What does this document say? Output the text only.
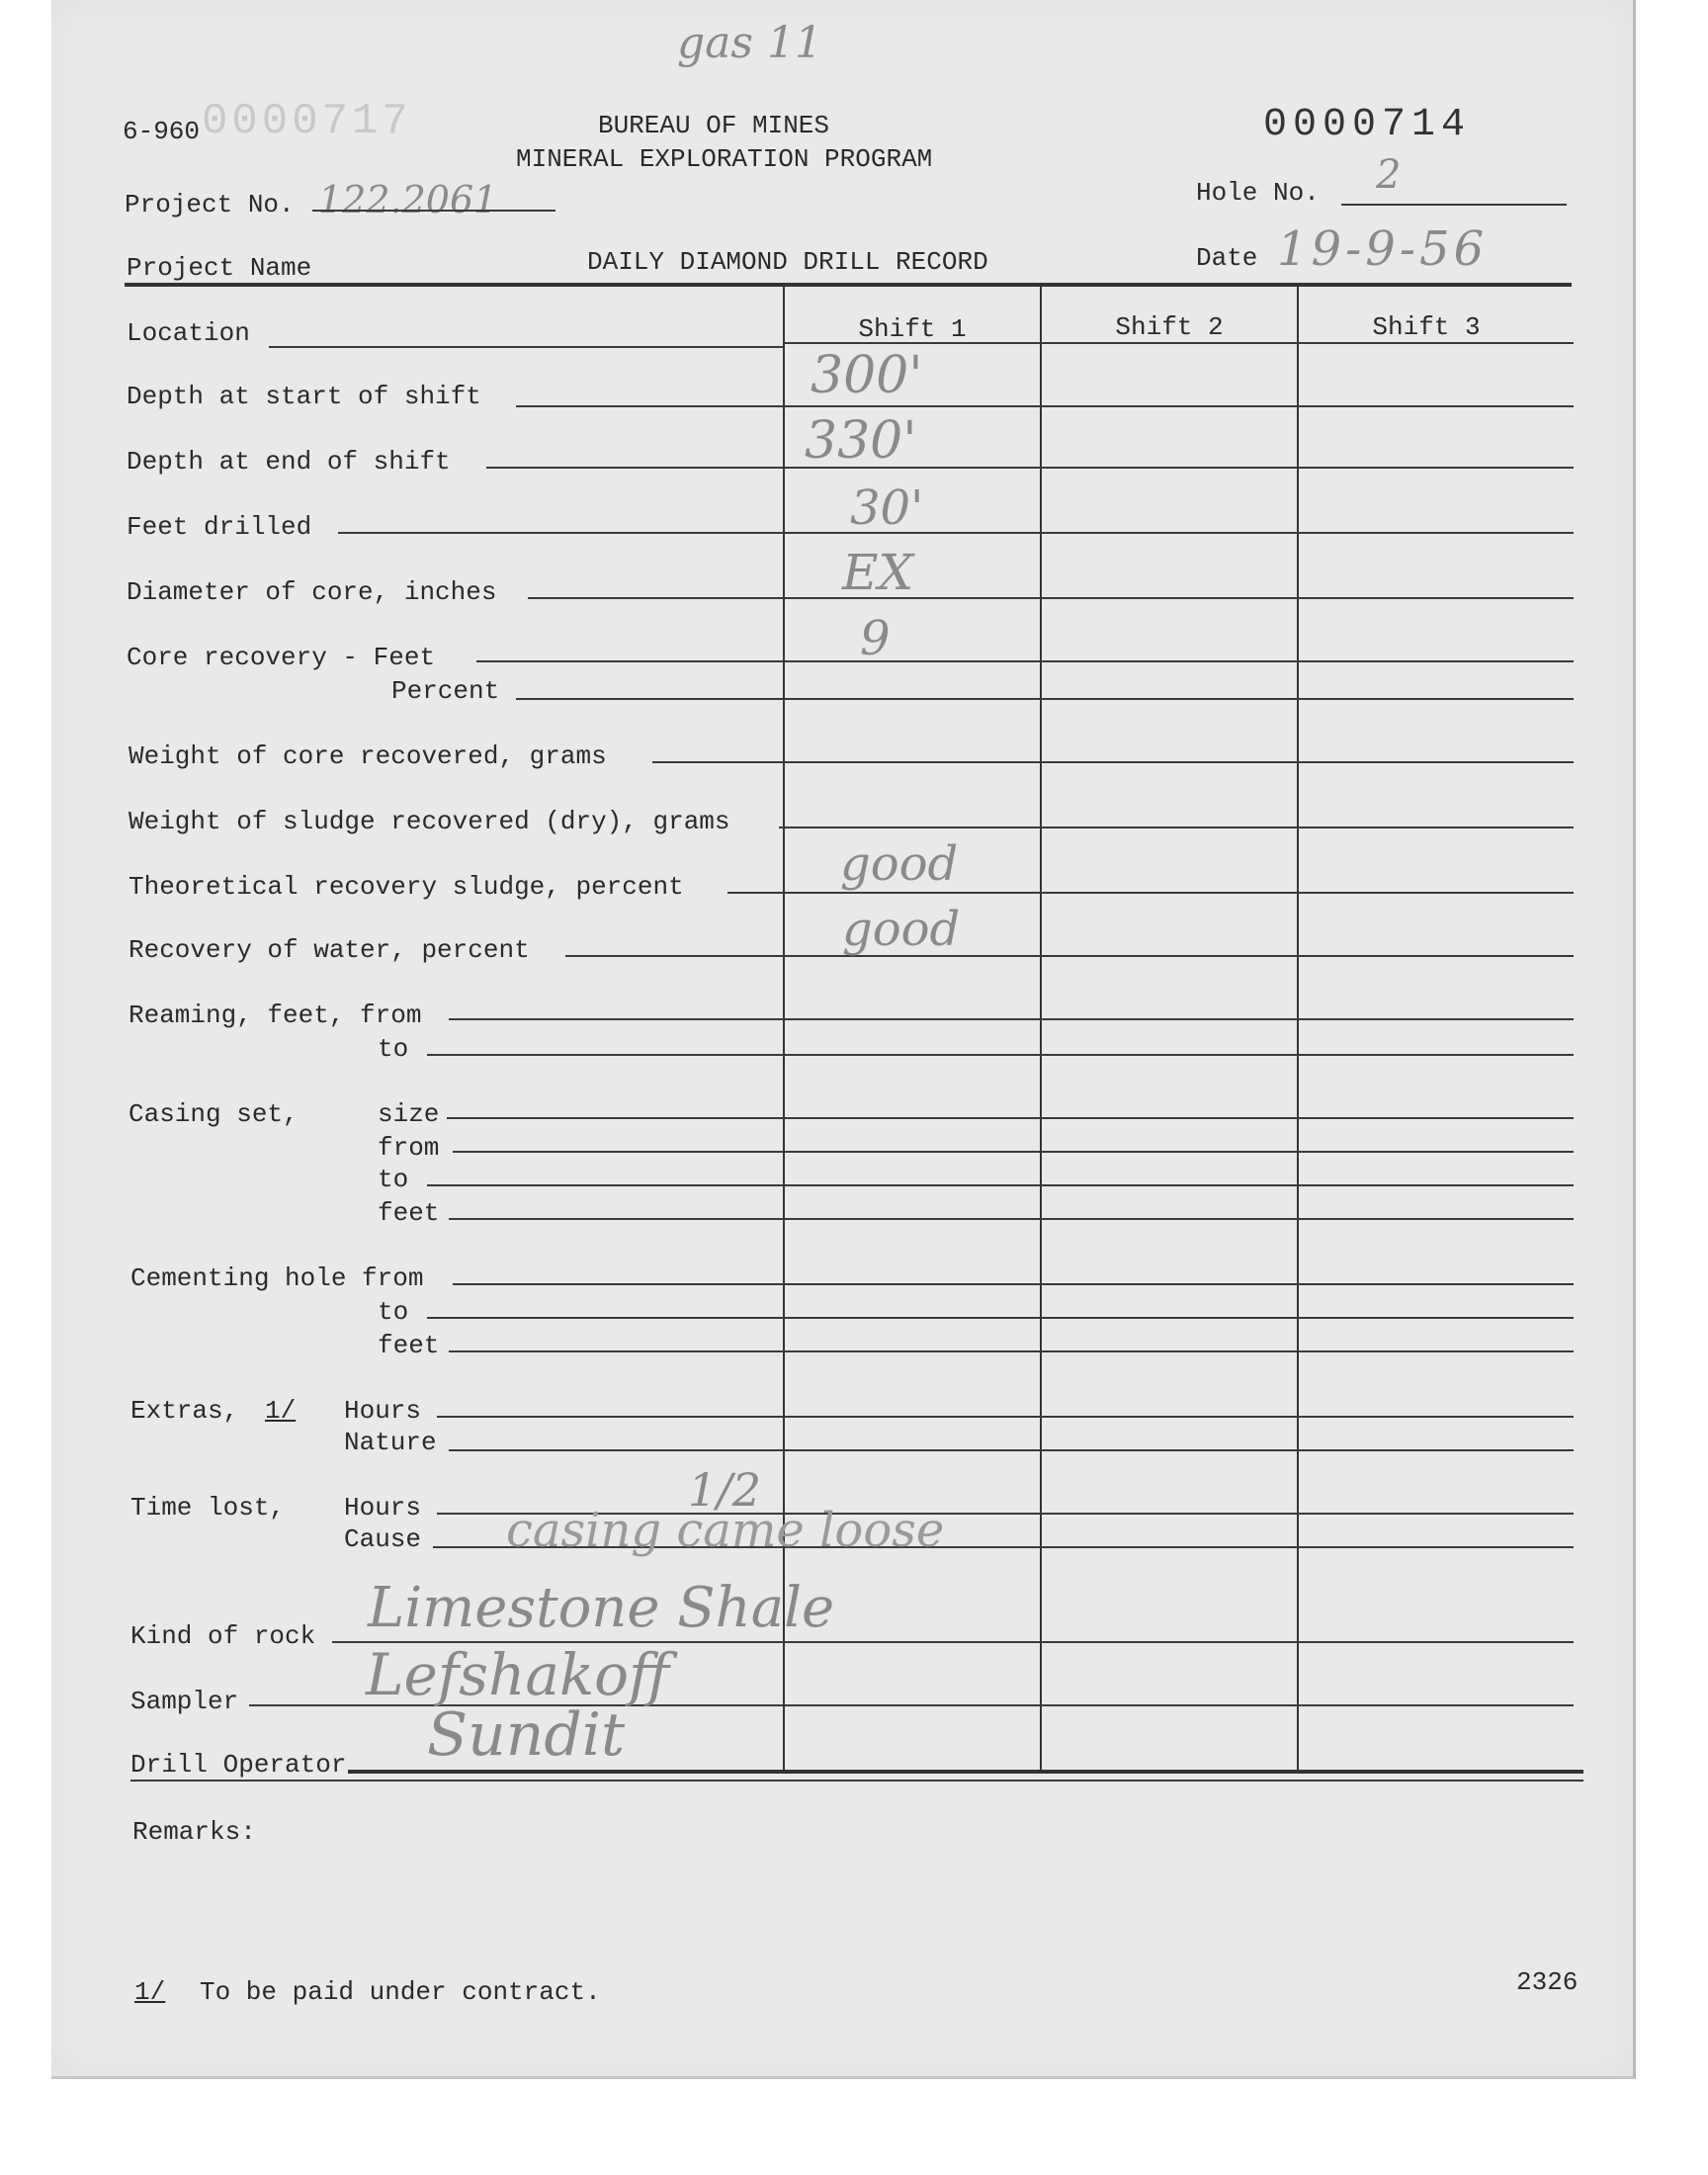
gas 11
6-960 0000717	BUREAU OF MINES
MINERAL EXPLORATION PROGRAM
0000714
Project No. 122.2061	Hole No. 2
Project Name	DAILY DIAMOND DRILL RECORD	Date 19-9-56
Shift 1	Shift 2	Shift 3
Location
Depth at start of shift	300'
Depth at end of shift	330'
Feet drilled	30'
Diameter of core, inches	EX
Core recovery - Feet	9
Percent
Weight of core recovered, grams
Weight of sludge recovered (dry), grams
Theoretical recovery sludge, percent	good
Recovery of water, percent	good
Reaming, feet, from
to
Casing set,	size
from
to
feet
Cementing hole from
to
feet
Extras, 1/ Hours
Nature
Time lost, Hours	1/2
Cause casing came loose
Kind of rock Limestone Shale
Sampler Lefshakoff
Drill Operator Sundit
Remarks:
1/ To be paid under contract.	2326
